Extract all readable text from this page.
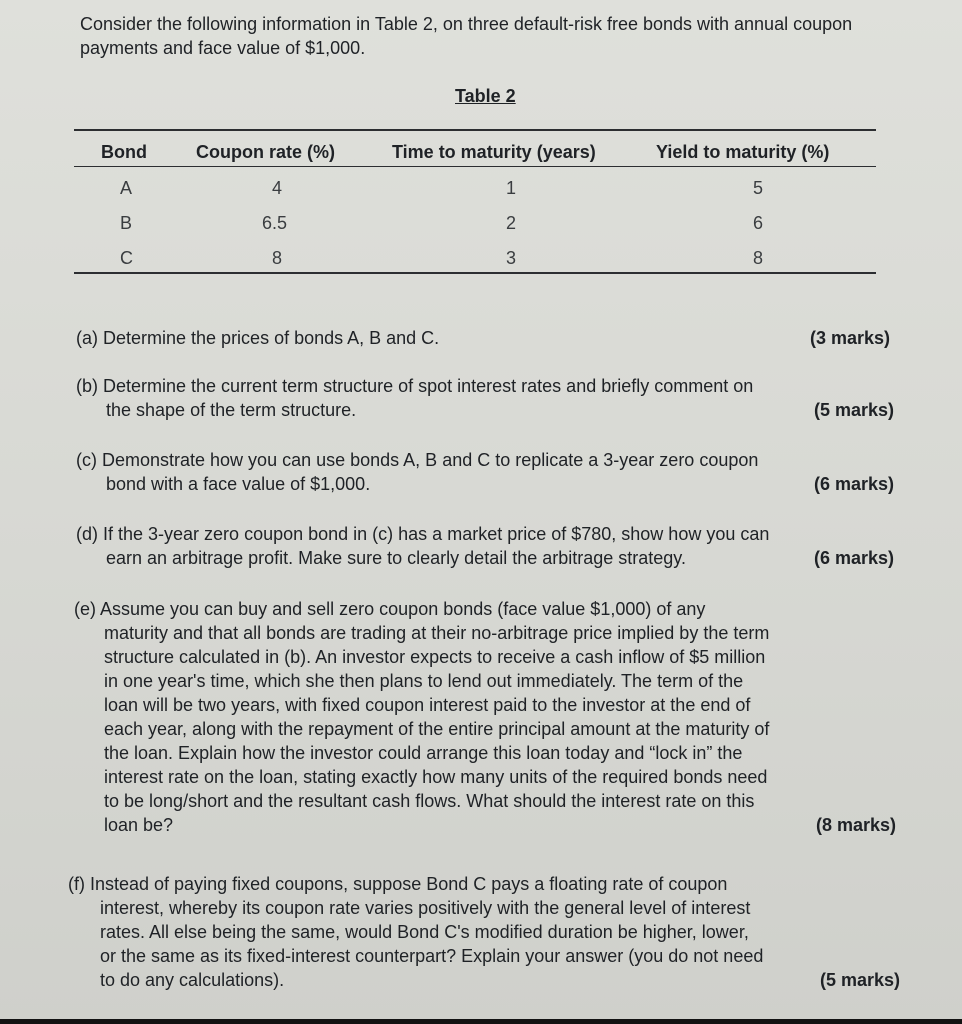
Consider the following information in Table 2, on three default-risk free bonds with annual coupon payments and face value of $1,000.
Table 2
Bond	Coupon rate (%)	Time to maturity (years)	Yield to maturity (%)
A	4	1	5
B	6.5	2	6
C	8	3	8
(a) Determine the prices of bonds A, B and C.	(3 marks)
(b) Determine the current term structure of spot interest rates and briefly comment on
the shape of the term structure.	(5 marks)
(c) Demonstrate how you can use bonds A, B and C to replicate a 3-year zero coupon
bond with a face value of $1,000.	(6 marks)
(d) If the 3-year zero coupon bond in (c) has a market price of $780, show how you can
earn an arbitrage profit. Make sure to clearly detail the arbitrage strategy.	(6 marks)
(e) Assume you can buy and sell zero coupon bonds (face value $1,000) of any
maturity and that all bonds are trading at their no-arbitrage price implied by the term
structure calculated in (b). An investor expects to receive a cash inflow of $5 million
in one year's time, which she then plans to lend out immediately. The term of the
loan will be two years, with fixed coupon interest paid to the investor at the end of
each year, along with the repayment of the entire principal amount at the maturity of
the loan. Explain how the investor could arrange this loan today and “lock in” the
interest rate on the loan, stating exactly how many units of the required bonds need
to be long/short and the resultant cash flows. What should the interest rate on this
loan be?	(8 marks)
(f) Instead of paying fixed coupons, suppose Bond C pays a floating rate of coupon
interest, whereby its coupon rate varies positively with the general level of interest
rates. All else being the same, would Bond C's modified duration be higher, lower,
or the same as its fixed-interest counterpart? Explain your answer (you do not need
to do any calculations).	(5 marks)
